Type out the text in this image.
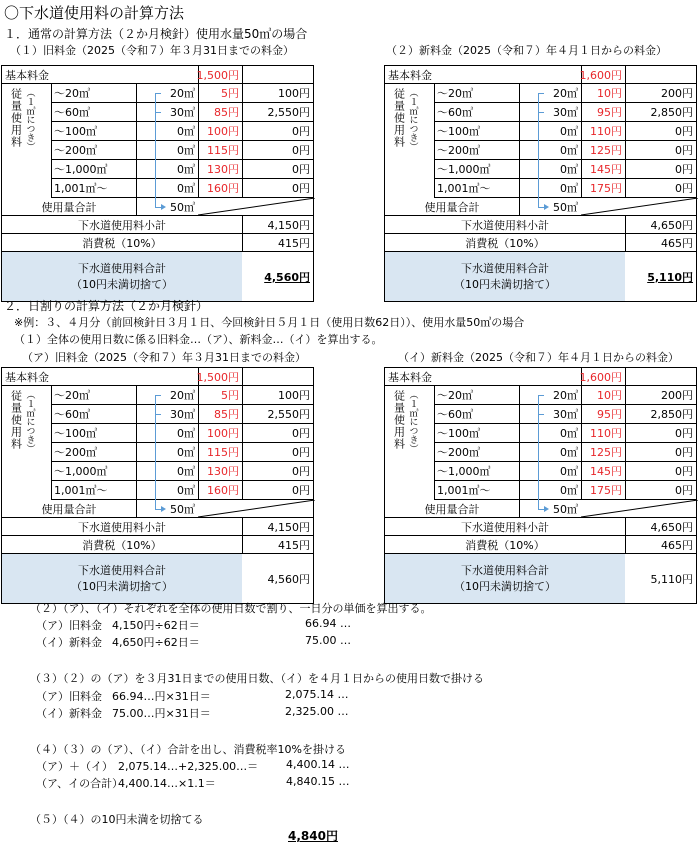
〇下水道使用料の計算方法
１．通常の計算方法（２か月検針）使用水量50㎥の場合
（１）旧料金（2025（令和７）年３月31日までの料金）	（２）新料金（2025（令和７）年４月１日からの料金）
基本料金	1,500円
～20㎥	20㎥	5円	100円
～60㎥	30㎥	85円	2,550円
～100㎥	0㎥	100円	0円
～200㎥	0㎥	115円	0円
～1,000㎥	0㎥	130円	0円
1,001㎥～	0㎥	160円	0円
従量使用料 （１㎥につき）
使用量合計	50㎥
下水道使用料小計	4,150円
消費税（10%）	415円
下水道使用料合計
（10円未満切捨て）
4,560円
基本料金	1,600円
～20㎥	20㎥	10円	200円
～60㎥	30㎥	95円	2,850円
～100㎥	0㎥	110円	0円
～200㎥	0㎥	125円	0円
～1,000㎥	0㎥	145円	0円
1,001㎥～	0㎥	175円	0円
従量使用料 （１㎥につき）
使用量合計	50㎥
下水道使用料小計	4,650円
消費税（10%）	465円
下水道使用料合計
（10円未満切捨て）
5,110円
２．日割りの計算方法（２か月検針）
※例：３、４月分（前回検針日３月１日、今回検針日５月１日（使用日数62日））、使用水量50㎥の場合
（１）全体の使用日数に係る旧料金…（ア）、新料金…（イ）を算出する。
（ア）旧料金（2025（令和７）年３月31日までの料金）	（イ）新料金（2025（令和７）年４月１日からの料金）
基本料金	1,500円
～20㎥	20㎥	5円	100円
～60㎥	30㎥	85円	2,550円
～100㎥	0㎥	100円	0円
～200㎥	0㎥	115円	0円
～1,000㎥	0㎥	130円	0円
1,001㎥～	0㎥	160円	0円
従量使用料 （１㎥につき）
使用量合計	50㎥
下水道使用料小計	4,150円
消費税（10%）	415円
下水道使用料合計
（10円未満切捨て）
4,560円
基本料金	1,600円
～20㎥	20㎥	10円	200円
～60㎥	30㎥	95円	2,850円
～100㎥	0㎥	110円	0円
～200㎥	0㎥	125円	0円
～1,000㎥	0㎥	145円	0円
1,001㎥～	0㎥	175円	0円
従量使用料 （１㎥につき）
使用量合計	50㎥
下水道使用料小計	4,650円
消費税（10%）	465円
下水道使用料合計
（10円未満切捨て）
5,110円
（２）（ア）、（イ）それぞれを全体の使用日数で割り、一日分の単価を算出する。
（ア）旧料金 4,150円÷62日＝	66.94 …
（イ）新料金 4,650円÷62日＝	75.00 …
（３）（２）の（ア）を３月31日までの使用日数、（イ）を４月１日からの使用日数で掛ける
（ア）旧料金 66.94…円×31日＝	2,075.14 …
（イ）新料金 75.00…円×31日＝	2,325.00 …
（４）（３）の（ア）、（イ）合計を出し、消費税率10%を掛ける
（ア）＋（イ） 2,075.14…+2,325.00…＝	4,400.14 …
（ア、イの合計）
4,400.14…×1.1＝	4,840.15 …
（５）（４）の10円未満を切捨てる
4,840円
